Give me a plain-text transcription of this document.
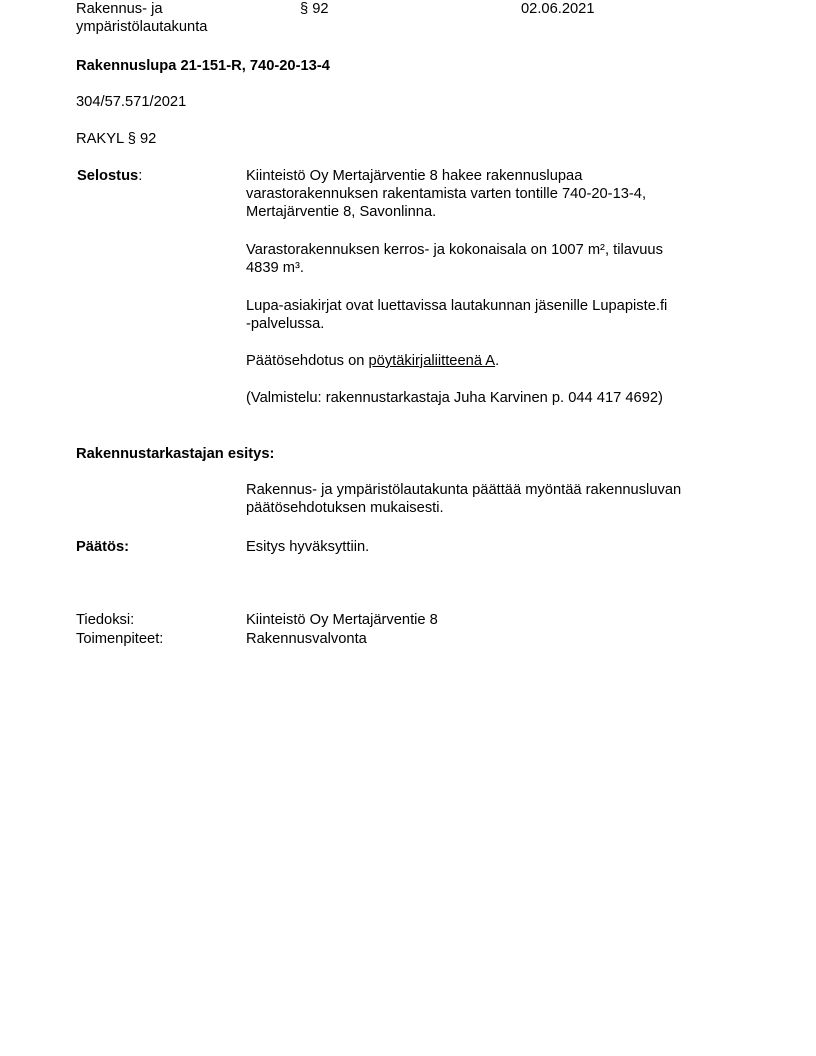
Rakennus- ja
ympäristölautakunta
§ 92	02.06.2021
Rakennuslupa 21-151-R, 740-20-13-4
304/57.571/2021
RAKYL § 92
Selostus:	Kiinteistö Oy Mertajärventie 8 hakee rakennuslupaa
varastorakennuksen rakentamista varten tontille 740-20-13-4,
Mertajärventie 8, Savonlinna.
Varastorakennuksen kerros- ja kokonaisala on 1007 m², tilavuus
4839 m³.
Lupa-asiakirjat ovat luettavissa lautakunnan jäsenille Lupapiste.fi
-palvelussa.
Päätösehdotus on pöytäkirjaliitteenä A.
(Valmistelu: rakennustarkastaja Juha Karvinen p. 044 417 4692)
Rakennustarkastajan esitys:
Rakennus- ja ympäristölautakunta päättää myöntää rakennusluvan
päätösehdotuksen mukaisesti.
Päätös:	Esitys hyväksyttiin.
Tiedoksi:	Kiinteistö Oy Mertajärventie 8
Toimenpiteet:	Rakennusvalvonta
